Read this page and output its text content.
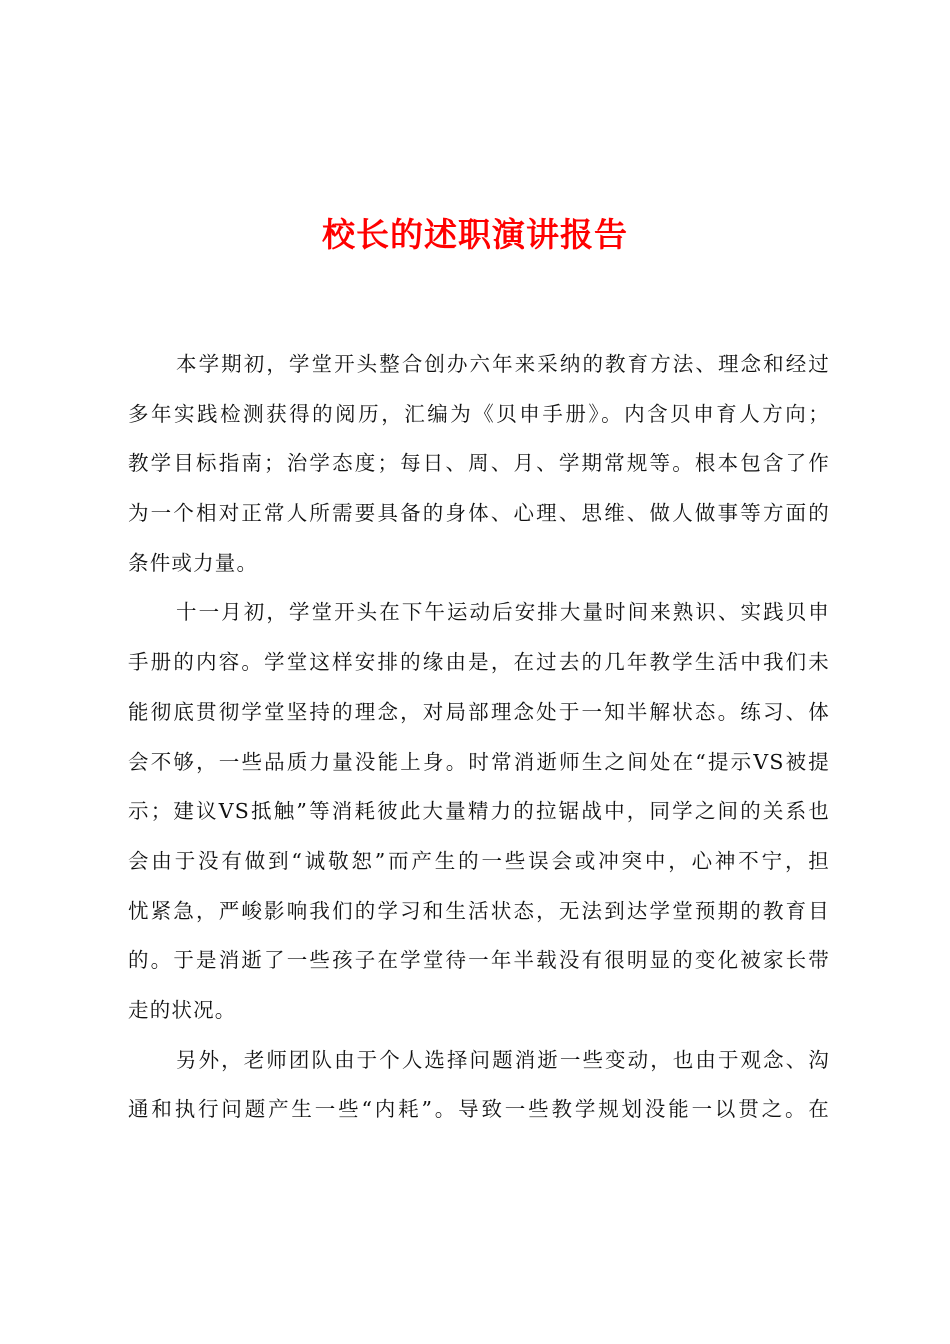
校长的述职演讲报告
本学期初，学堂开头整合创办六年来采纳的教育方法、理念和经过
多年实践检测获得的阅历，汇编为《贝申手册》。内含贝申育人方向；
教学目标指南；治学态度；每日、周、月、学期常规等。根本包含了作
为一个相对正常人所需要具备的身体、心理、思维、做人做事等方面的
条件或力量。
十一月初，学堂开头在下午运动后安排大量时间来熟识、实践贝申
手册的内容。学堂这样安排的缘由是，在过去的几年教学生活中我们未
能彻底贯彻学堂坚持的理念，对局部理念处于一知半解状态。练习、体
会不够，一些品质力量没能上身。时常消逝师生之间处在“提示VS被提
示；建议VS抵触”等消耗彼此大量精力的拉锯战中，同学之间的关系也
会由于没有做到“诚敬恕”而产生的一些误会或冲突中，心神不宁，担
忧紧急，严峻影响我们的学习和生活状态，无法到达学堂预期的教育目
的。于是消逝了一些孩子在学堂待一年半载没有很明显的变化被家长带
走的状况。
另外，老师团队由于个人选择问题消逝一些变动，也由于观念、沟
通和执行问题产生一些“内耗”。导致一些教学规划没能一以贯之。在
